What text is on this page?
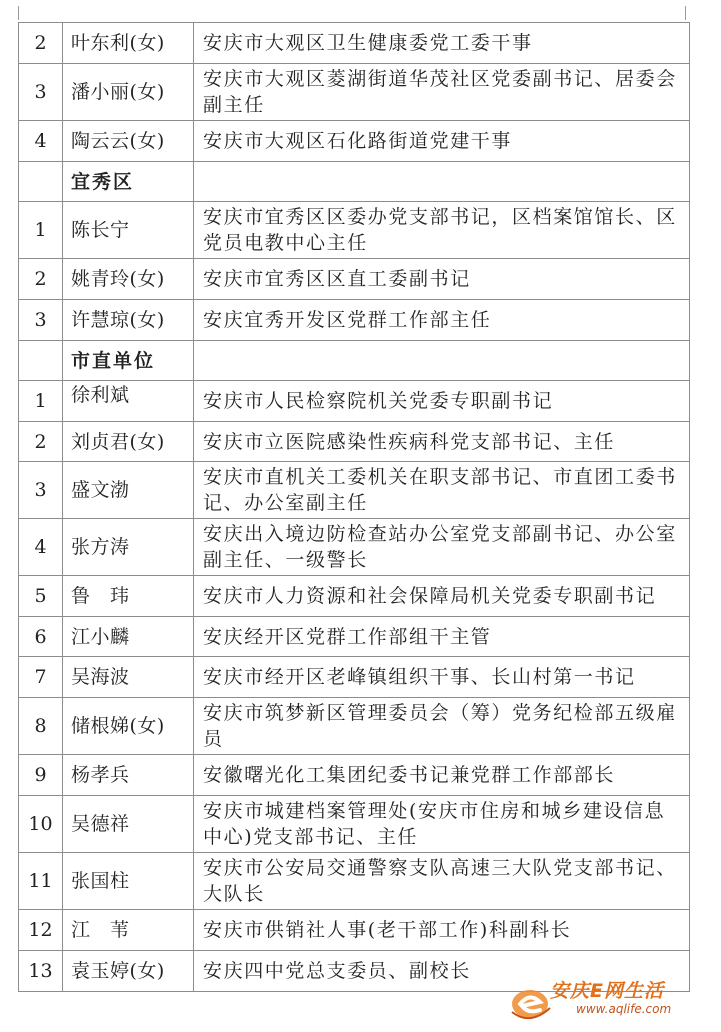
2	叶东利(女)	安庆市大观区卫生健康委党工委干事
3	潘小丽(女)	安庆市大观区菱湖街道华茂社区党委副书记、居委会副主任
4	陶云云(女)	安庆市大观区石化路街道党建干事
	宜秀区	
1	陈长宁	安庆市宜秀区区委办党支部书记，区档案馆馆长、区党员电教中心主任
2	姚青玲(女)	安庆市宜秀区区直工委副书记
3	许慧琼(女)	安庆宜秀开发区党群工作部主任
	市直单位	
1	徐利斌	安庆市人民检察院机关党委专职副书记
2	刘贞君(女)	安庆市立医院感染性疾病科党支部书记、主任
3	盛文渤	安庆市直机关工委机关在职支部书记、市直团工委书记、办公室副主任
4	张方涛	安庆出入境边防检查站办公室党支部副书记、办公室副主任、一级警长
5	鲁　玮	安庆市人力资源和社会保障局机关党委专职副书记
6	江小麟	安庆经开区党群工作部组干主管
7	吴海波	安庆市经开区老峰镇组织干事、长山村第一书记
8	储根娣(女)	安庆市筑梦新区管理委员会（筹）党务纪检部五级雇员
9	杨孝兵	安徽曙光化工集团纪委书记兼党群工作部部长
10	吴德祥	安庆市城建档案管理处(安庆市住房和城乡建设信息中心)党支部书记、主任
11	张国柱	安庆市公安局交通警察支队高速三大队党支部书记、大队长
12	江　苇	安庆市供销社人事(老干部工作)科副科长
13	袁玉婷(女)	安庆四中党总支委员、副校长
安庆E网生活
www.aqlife.com
